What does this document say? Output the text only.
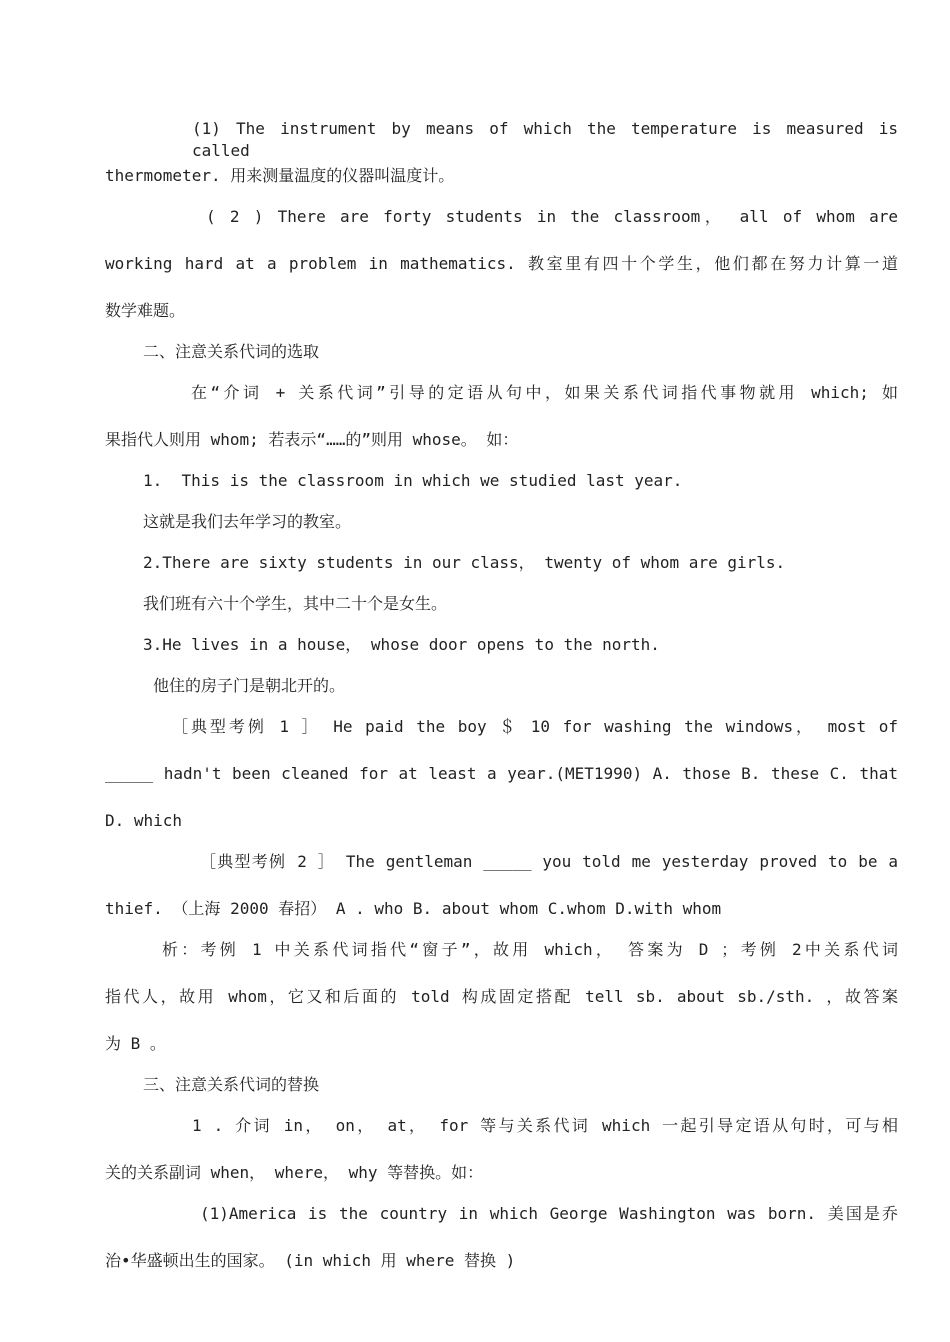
(1) The instrument by means of which the temperature is measured is called
thermometer. 用来测量温度的仪器叫温度计。
( 2 ) There are forty students in the classroom， all of whom are
working hard at a problem in mathematics. 教室里有四十个学生，他们都在努力计算一道
数学难题。
二、注意关系代词的选取
在“介词 + 关系代词”引导的定语从句中，如果关系代词指代事物就用 which; 如
果指代人则用 whom; 若表示“……的”则用 whose。 如：
1.  This is the classroom in which we studied last year.
这就是我们去年学习的教室。
2.There are sixty students in our class， twenty of whom are girls.
我们班有六十个学生，其中二十个是女生。
3.He lives in a house， whose door opens to the north.
他住的房子门是朝北开的。
［典型考例 1 ］ He paid the boy ＄ 10 for washing the windows， most of
_____ hadn't been cleaned for at least a year.(MET1990) A. those B. these C. that
D. which
［典型考例 2 ］ The gentleman _____ you told me yesterday proved to be a
thief. （上海 2000 春招） A . who B. about whom C.whom D.with whom
析：考例 1 中关系代词指代“窗子”，故用 which， 答案为 D ；考例 2中关系代词
指代人，故用 whom，它又和后面的 told 构成固定搭配 tell sb. about sb./sth. ，故答案
为 B 。
三、注意关系代词的替换
1 . 介词 in， on， at， for 等与关系代词 which 一起引导定语从句时，可与相
关的关系副词 when， where， why 等替换。如：
(1)America is the country in which George Washington was born. 美国是乔
治•华盛顿出生的国家。 (in which 用 where 替换 )
